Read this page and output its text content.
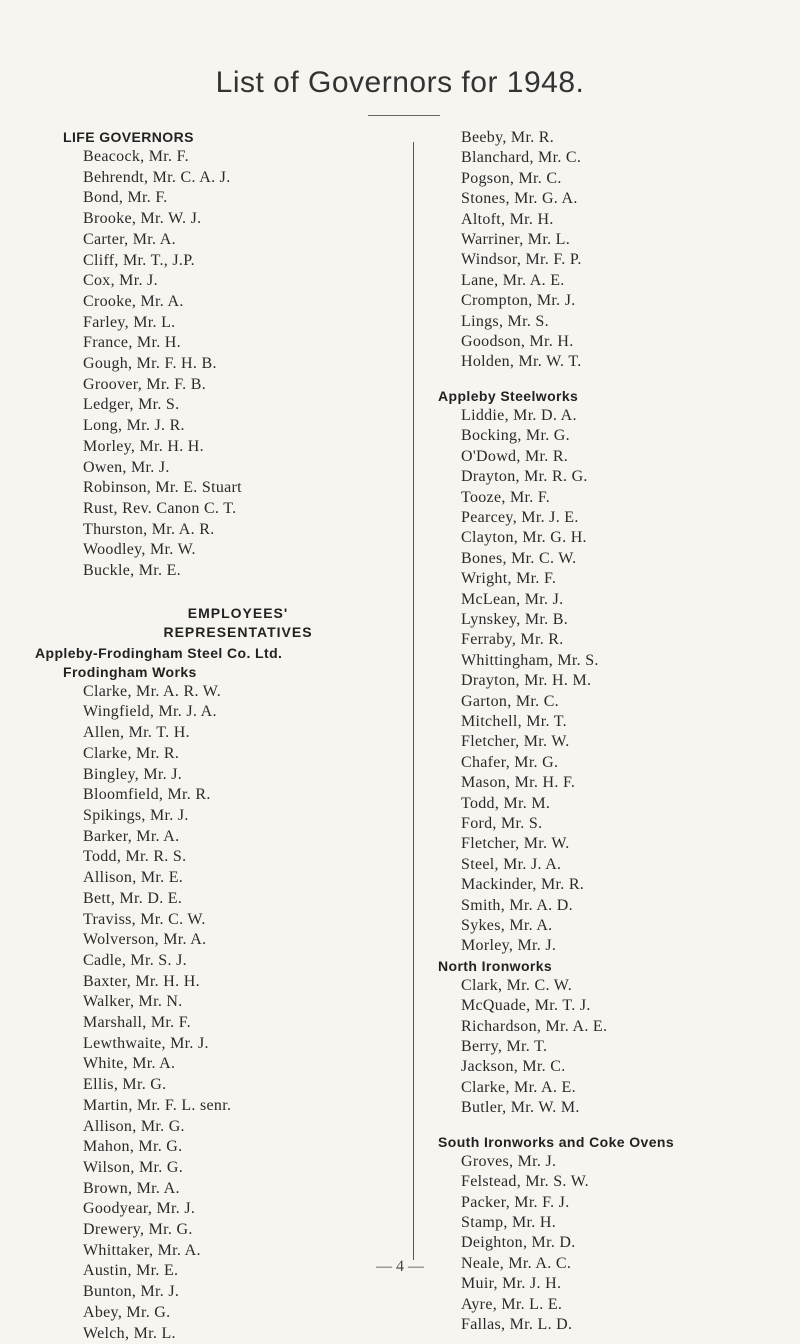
List of Governors for 1948.
LIFE GOVERNORS
Beacock, Mr. F.
Behrendt, Mr. C. A. J.
Bond, Mr. F.
Brooke, Mr. W. J.
Carter, Mr. A.
Cliff, Mr. T., J.P.
Cox, Mr. J.
Crooke, Mr. A.
Farley, Mr. L.
France, Mr. H.
Gough, Mr. F. H. B.
Groover, Mr. F. B.
Ledger, Mr. S.
Long, Mr. J. R.
Morley, Mr. H. H.
Owen, Mr. J.
Robinson, Mr. E. Stuart
Rust, Rev. Canon C. T.
Thurston, Mr. A. R.
Woodley, Mr. W.
Buckle, Mr. E.
EMPLOYEES'
REPRESENTATIVES
Appleby-Frodingham Steel Co. Ltd.
Frodingham Works
Clarke, Mr. A. R. W.
Wingfield, Mr. J. A.
Allen, Mr. T. H.
Clarke, Mr. R.
Bingley, Mr. J.
Bloomfield, Mr. R.
Spikings, Mr. J.
Barker, Mr. A.
Todd, Mr. R. S.
Allison, Mr. E.
Bett, Mr. D. E.
Traviss, Mr. C. W.
Wolverson, Mr. A.
Cadle, Mr. S. J.
Baxter, Mr. H. H.
Walker, Mr. N.
Marshall, Mr. F.
Lewthwaite, Mr. J.
White, Mr. A.
Ellis, Mr. G.
Martin, Mr. F. L. senr.
Allison, Mr. G.
Mahon, Mr. G.
Wilson, Mr. G.
Brown, Mr. A.
Goodyear, Mr. J.
Drewery, Mr. G.
Whittaker, Mr. A.
Austin, Mr. E.
Bunton, Mr. J.
Abey, Mr. G.
Welch, Mr. L.
Beeby, Mr. R.
Blanchard, Mr. C.
Pogson, Mr. C.
Stones, Mr. G. A.
Altoft, Mr. H.
Warriner, Mr. L.
Windsor, Mr. F. P.
Lane, Mr. A. E.
Crompton, Mr. J.
Lings, Mr. S.
Goodson, Mr. H.
Holden, Mr. W. T.
Appleby Steelworks
Liddie, Mr. D. A.
Bocking, Mr. G.
O'Dowd, Mr. R.
Drayton, Mr. R. G.
Tooze, Mr. F.
Pearcey, Mr. J. E.
Clayton, Mr. G. H.
Bones, Mr. C. W.
Wright, Mr. F.
McLean, Mr. J.
Lynskey, Mr. B.
Ferraby, Mr. R.
Whittingham, Mr. S.
Drayton, Mr. H. M.
Garton, Mr. C.
Mitchell, Mr. T.
Fletcher, Mr. W.
Chafer, Mr. G.
Mason, Mr. H. F.
Todd, Mr. M.
Ford, Mr. S.
Fletcher, Mr. W.
Steel, Mr. J. A.
Mackinder, Mr. R.
Smith, Mr. A. D.
Sykes, Mr. A.
Morley, Mr. J.
North Ironworks
Clark, Mr. C. W.
McQuade, Mr. T. J.
Richardson, Mr. A. E.
Berry, Mr. T.
Jackson, Mr. C.
Clarke, Mr. A. E.
Butler, Mr. W. M.
South Ironworks and Coke Ovens
Groves, Mr. J.
Felstead, Mr. S. W.
Packer, Mr. F. J.
Stamp, Mr. H.
Deighton, Mr. D.
Neale, Mr. A. C.
Muir, Mr. J. H.
Ayre, Mr. L. E.
Fallas, Mr. L. D.
— 4 —
